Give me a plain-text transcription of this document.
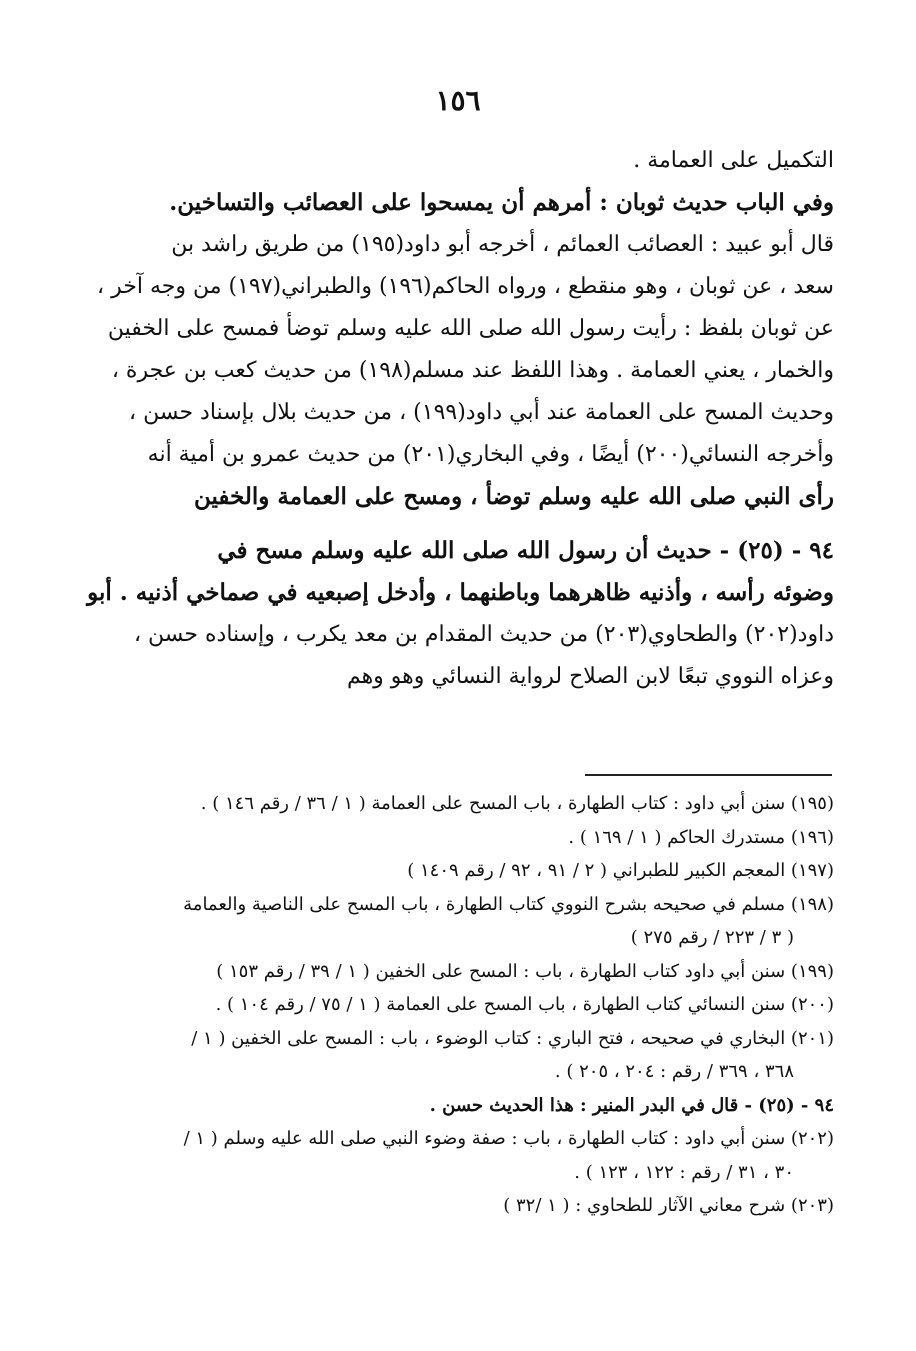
١٥٦
التكميل على العمامة .
وفي الباب حديث ثوبان : أمرهم أن يمسحوا على العصائب والتساخين.
قال أبو عبيد : العصائب العمائم ، أخرجه أبو داود(١٩٥) من طريق راشد بن
سعد ، عن ثوبان ، وهو منقطع ، ورواه الحاكم(١٩٦) والطبراني(١٩٧) من وجه آخر ،
عن ثوبان بلفظ : رأيت رسول الله صلى الله عليه وسلم توضأ فمسح على الخفين
والخمار ، يعني العمامة . وهذا اللفظ عند مسلم(١٩٨) من حديث كعب بن عجرة ،
وحديث المسح على العمامة عند أبي داود(١٩٩) ، من حديث بلال بإسناد حسن ،
وأخرجه النسائي(٢٠٠) أيضًا ، وفي البخاري(٢٠١) من حديث عمرو بن أمية أنه
رأى النبي صلى الله عليه وسلم توضأ ، ومسح على العمامة والخفين
٩٤ - (٢٥) - حديث أن رسول الله صلى الله عليه وسلم مسح في
وضوئه رأسه ، وأذنيه ظاهرهما وباطنهما ، وأدخل إصبعيه في صماخي أذنيه . أبو
داود(٢٠٢) والطحاوي(٢٠٣) من حديث المقدام بن معد يكرب ، وإسناده حسن ،
وعزاه النووي تبعًا لابن الصلاح لرواية النسائي وهو وهم
(١٩٥) سنن أبي داود : كتاب الطهارة ، باب المسح على العمامة ( ١ / ٣٦ / رقم ١٤٦ ) .
(١٩٦) مستدرك الحاكم ( ١ / ١٦٩ ) .
(١٩٧) المعجم الكبير للطبراني ( ٢ / ٩١ ، ٩٢ / رقم ١٤٠٩ )
(١٩٨) مسلم في صحيحه بشرح النووي كتاب الطهارة ، باب المسح على الناصية والعمامة
( ٣ / ٢٢٣ / رقم ٢٧٥ )
(١٩٩) سنن أبي داود كتاب الطهارة ، باب : المسح على الخفين ( ١ / ٣٩ / رقم ١٥٣ )
(٢٠٠) سنن النسائي كتاب الطهارة ، باب المسح على العمامة ( ١ / ٧٥ / رقم ١٠٤ ) .
(٢٠١) البخاري في صحيحه ، فتح الباري : كتاب الوضوء ، باب : المسح على الخفين ( ١ /
٣٦٨ ، ٣٦٩ / رقم : ٢٠٤ ، ٢٠٥ ) .
٩٤ - (٢٥) - قال في البدر المنير : هذا الحديث حسن .
(٢٠٢) سنن أبي داود : كتاب الطهارة ، باب : صفة وضوء النبي صلى الله عليه وسلم ( ١ /
٣٠ ، ٣١ / رقم : ١٢٢ ، ١٢٣ ) .
(٢٠٣) شرح معاني الآثار للطحاوي : ( ١ /٣٢ )
